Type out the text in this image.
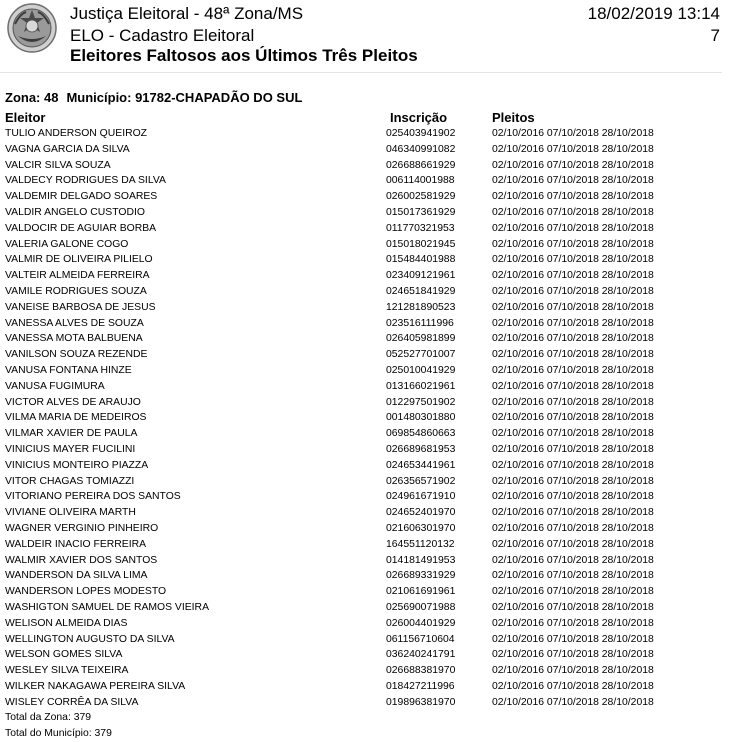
Justiça Eleitoral - 48ª Zona/MS
ELO - Cadastro Eleitoral
Eleitores Faltosos aos Últimos Três Pleitos
18/02/2019 13:14
7
Zona: 48 Município: 91782-CHAPADÃO DO SUL
Eleitor	Inscrição	Pleitos
TULIO ANDERSON QUEIROZ	025403941902	02/10/2016 07/10/2018 28/10/2018
VAGNA GARCIA DA SILVA	046340991082	02/10/2016 07/10/2018 28/10/2018
VALCIR SILVA SOUZA	026688661929	02/10/2016 07/10/2018 28/10/2018
VALDECY RODRIGUES DA SILVA	006114001988	02/10/2016 07/10/2018 28/10/2018
VALDEMIR DELGADO SOARES	026002581929	02/10/2016 07/10/2018 28/10/2018
VALDIR ANGELO CUSTODIO	015017361929	02/10/2016 07/10/2018 28/10/2018
VALDOCIR DE AGUIAR BORBA	011770321953	02/10/2016 07/10/2018 28/10/2018
VALERIA GALONE COGO	015018021945	02/10/2016 07/10/2018 28/10/2018
VALMIR DE OLIVEIRA PILIELO	015484401988	02/10/2016 07/10/2018 28/10/2018
VALTEIR ALMEIDA FERREIRA	023409121961	02/10/2016 07/10/2018 28/10/2018
VAMILE RODRIGUES SOUZA	024651841929	02/10/2016 07/10/2018 28/10/2018
VANEISE BARBOSA DE JESUS	121281890523	02/10/2016 07/10/2018 28/10/2018
VANESSA ALVES DE SOUZA	023516111996	02/10/2016 07/10/2018 28/10/2018
VANESSA MOTA BALBUENA	026405981899	02/10/2016 07/10/2018 28/10/2018
VANILSON SOUZA REZENDE	052527701007	02/10/2016 07/10/2018 28/10/2018
VANUSA FONTANA HINZE	025010041929	02/10/2016 07/10/2018 28/10/2018
VANUSA FUGIMURA	013166021961	02/10/2016 07/10/2018 28/10/2018
VICTOR ALVES DE ARAUJO	012297501902	02/10/2016 07/10/2018 28/10/2018
VILMA MARIA DE MEDEIROS	001480301880	02/10/2016 07/10/2018 28/10/2018
VILMAR XAVIER DE PAULA	069854860663	02/10/2016 07/10/2018 28/10/2018
VINICIUS MAYER FUCILINI	026689681953	02/10/2016 07/10/2018 28/10/2018
VINICIUS MONTEIRO PIAZZA	024653441961	02/10/2016 07/10/2018 28/10/2018
VITOR CHAGAS TOMIAZZI	026356571902	02/10/2016 07/10/2018 28/10/2018
VITORIANO PEREIRA DOS SANTOS	024961671910	02/10/2016 07/10/2018 28/10/2018
VIVIANE OLIVEIRA MARTH	024652401970	02/10/2016 07/10/2018 28/10/2018
WAGNER VERGINIO PINHEIRO	021606301970	02/10/2016 07/10/2018 28/10/2018
WALDEIR INACIO FERREIRA	164551120132	02/10/2016 07/10/2018 28/10/2018
WALMIR XAVIER DOS SANTOS	014181491953	02/10/2016 07/10/2018 28/10/2018
WANDERSON DA SILVA LIMA	026689331929	02/10/2016 07/10/2018 28/10/2018
WANDERSON LOPES MODESTO	021061691961	02/10/2016 07/10/2018 28/10/2018
WASHIGTON SAMUEL DE RAMOS VIEIRA	025690071988	02/10/2016 07/10/2018 28/10/2018
WELISON ALMEIDA DIAS	026004401929	02/10/2016 07/10/2018 28/10/2018
WELLINGTON AUGUSTO DA SILVA	061156710604	02/10/2016 07/10/2018 28/10/2018
WELSON GOMES SILVA	036240241791	02/10/2016 07/10/2018 28/10/2018
WESLEY SILVA TEIXEIRA	026688381970	02/10/2016 07/10/2018 28/10/2018
WILKER NAKAGAWA PEREIRA SILVA	018427211996	02/10/2016 07/10/2018 28/10/2018
WISLEY CORRÊA DA SILVA	019896381970	02/10/2016 07/10/2018 28/10/2018
Total da Zona: 379
Total do Município: 379
